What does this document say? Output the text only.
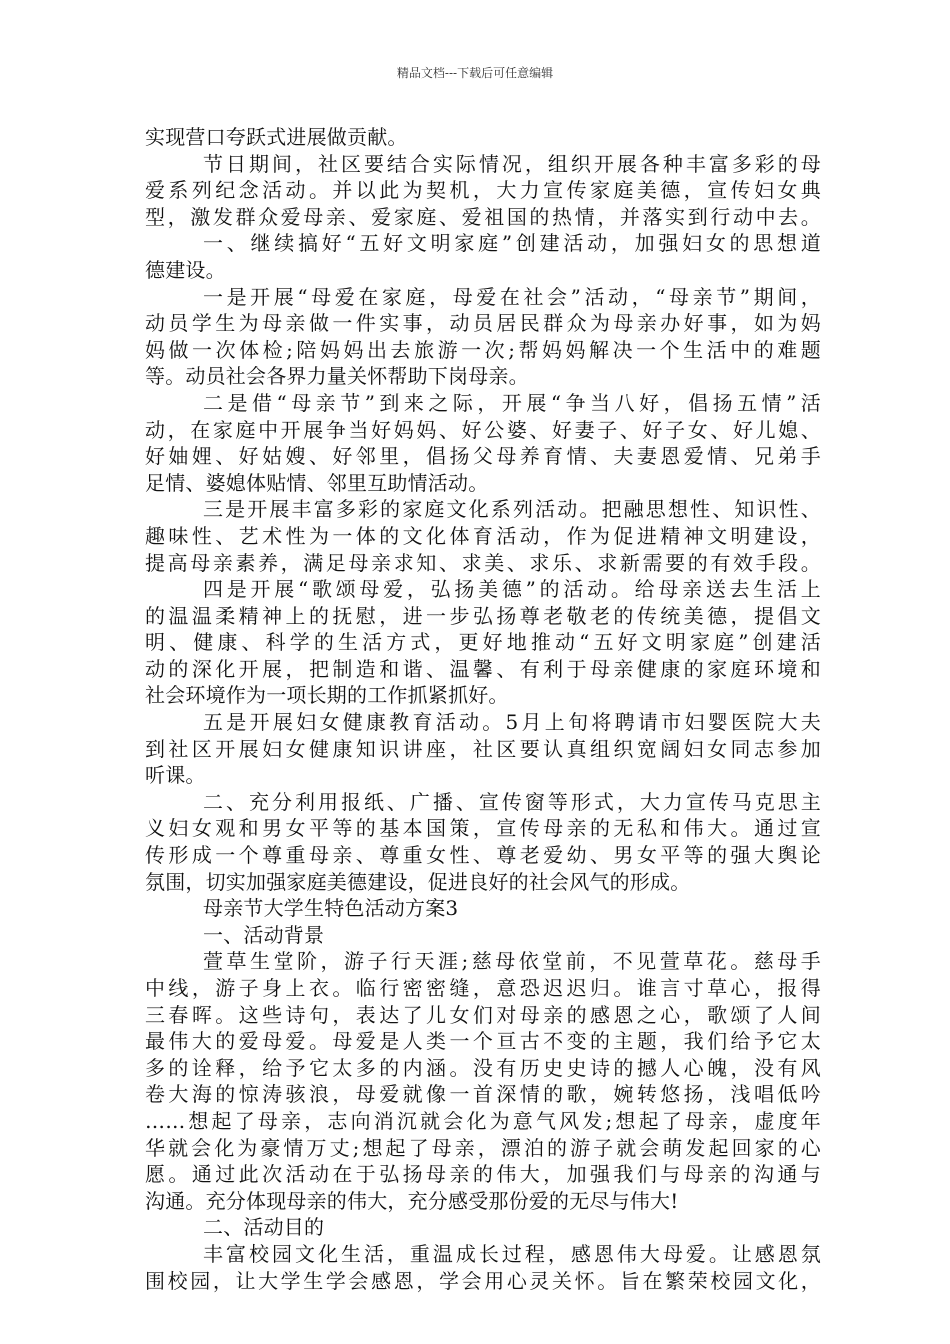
精品文档---下载后可任意编辑
实现营口夸跃式进展做贡献。
节日期间，社区要结合实际情况，组织开展各种丰富多彩的母
爱系列纪念活动。并以此为契机，大力宣传家庭美德，宣传妇女典
型，激发群众爱母亲、爱家庭、爱祖国的热情，并落实到行动中去。
一、继续搞好“五好文明家庭”创建活动，加强妇女的思想道
德建设。
一是开展“母爱在家庭，母爱在社会”活动，“母亲节”期间，
动员学生为母亲做一件实事，动员居民群众为母亲办好事，如为妈
妈做一次体检;陪妈妈出去旅游一次;帮妈妈解决一个生活中的难题
等。动员社会各界力量关怀帮助下岗母亲。
二是借“母亲节”到来之际，开展“争当八好，倡扬五情”活
动，在家庭中开展争当好妈妈、好公婆、好妻子、好子女、好儿媳、
好妯娌、好姑嫂、好邻里，倡扬父母养育情、夫妻恩爱情、兄弟手
足情、婆媳体贴情、邻里互助情活动。
三是开展丰富多彩的家庭文化系列活动。把融思想性、知识性、
趣味性、艺术性为一体的文化体育活动，作为促进精神文明建设，
提高母亲素养，满足母亲求知、求美、求乐、求新需要的有效手段。
四是开展“歌颂母爱，弘扬美德”的活动。给母亲送去生活上
的温温柔精神上的抚慰，进一步弘扬尊老敬老的传统美德，提倡文
明、健康、科学的生活方式，更好地推动“五好文明家庭”创建活
动的深化开展，把制造和谐、温馨、有利于母亲健康的家庭环境和
社会环境作为一项长期的工作抓紧抓好。
五是开展妇女健康教育活动。5月上旬将聘请市妇婴医院大夫
到社区开展妇女健康知识讲座，社区要认真组织宽阔妇女同志参加
听课。
二、充分利用报纸、广播、宣传窗等形式，大力宣传马克思主
义妇女观和男女平等的基本国策，宣传母亲的无私和伟大。通过宣
传形成一个尊重母亲、尊重女性、尊老爱幼、男女平等的强大舆论
氛围，切实加强家庭美德建设，促进良好的社会风气的形成。
母亲节大学生特色活动方案3
一、活动背景
萱草生堂阶，游子行天涯;慈母依堂前，不见萱草花。慈母手
中线，游子身上衣。临行密密缝，意恐迟迟归。谁言寸草心，报得
三春晖。这些诗句，表达了儿女们对母亲的感恩之心，歌颂了人间
最伟大的爱母爱。母爱是人类一个亘古不变的主题，我们给予它太
多的诠释，给予它太多的内涵。没有历史史诗的撼人心魄，没有风
卷大海的惊涛骇浪，母爱就像一首深情的歌，婉转悠扬，浅唱低吟
……想起了母亲，志向消沉就会化为意气风发;想起了母亲，虚度年
华就会化为豪情万丈;想起了母亲，漂泊的游子就会萌发起回家的心
愿。通过此次活动在于弘扬母亲的伟大，加强我们与母亲的沟通与
沟通。充分体现母亲的伟大，充分感受那份爱的无尽与伟大!
二、活动目的
丰富校园文化生活，重温成长过程，感恩伟大母爱。让感恩氛
围校园，让大学生学会感恩，学会用心灵关怀。旨在繁荣校园文化，
